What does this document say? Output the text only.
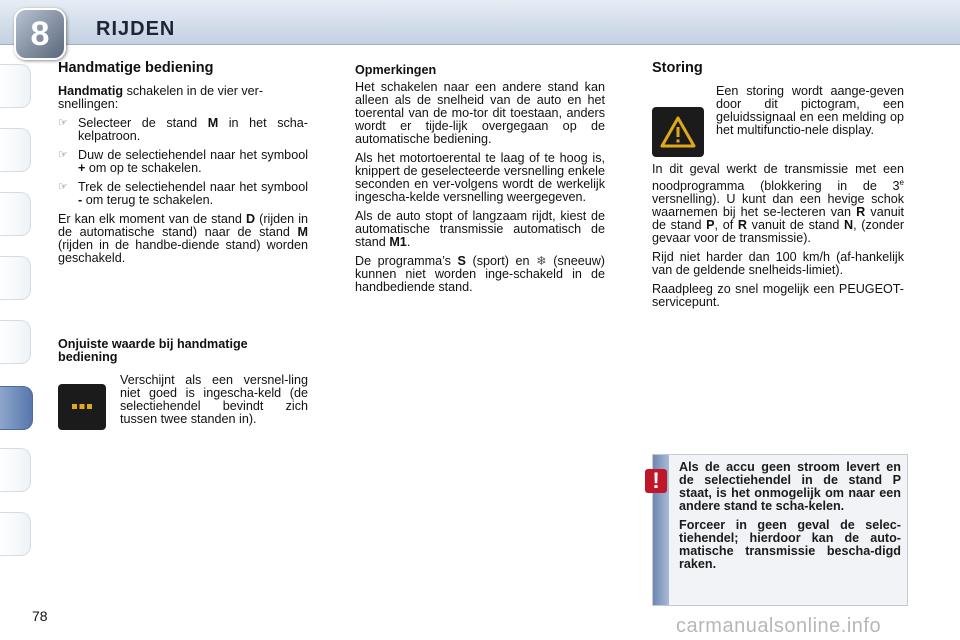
8	RIJDEN
Handmatige bediening

Handmatig schakelen in de vier ver-snellingen:

☞ Selecteer de stand M in het scha-kelpatroon.
☞ Duw de selectiehendel naar het symbool + om op te schakelen.
☞ Trek de selectiehendel naar het symbool - om terug te schakelen.

Er kan elk moment van de stand D (rijden in de automatische stand) naar de stand M (rijden in de handbe-diende stand) worden geschakeld.

Onjuiste waarde bij handmatige bediening
Verschijnt als een versnel-ling niet goed is ingescha-keld (de selectiehendel bevindt zich tussen twee standen in).
Opmerkingen

Het schakelen naar een andere stand kan alleen als de snelheid van de auto en het toerental van de mo-tor dit toestaan, anders wordt er tijde-lijk overgegaan op de automatische bediening.

Als het motortoerental te laag of te hoog is, knippert de geselecteerde versnelling enkele seconden en ver-volgens wordt de werkelijk ingescha-kelde versnelling weergegeven.

Als de auto stopt of langzaam rijdt, kiest de automatische transmissie automatisch de stand M1.

De programma’s S (sport) en ❄ (sneeuw) kunnen niet worden inge-schakeld in de handbediende stand.

Storing
Een storing wordt aange-geven door dit pictogram, een geluidssignaal en een melding op het multifunctio-nele display.

In dit geval werkt de transmissie met een noodprogramma (blokkering in de 3e versnelling). U kunt dan een hevige schok waarnemen bij het se-lecteren van R vanuit de stand P, of R vanuit de stand N, (zonder gevaar voor de transmissie).

Rijd niet harder dan 100 km/h (af-hankelijk van de geldende snelheids-limiet).

Raadpleeg zo snel mogelijk een PEUGEOT-servicepunt.

!

Als de accu geen stroom levert en de selectiehendel in de stand P staat, is het onmogelijk om naar een andere stand te scha-kelen.

Forceer in geen geval de selec-tiehendel; hierdoor kan de auto-matische transmissie bescha-digd raken.

78	carmanualsonline.info
